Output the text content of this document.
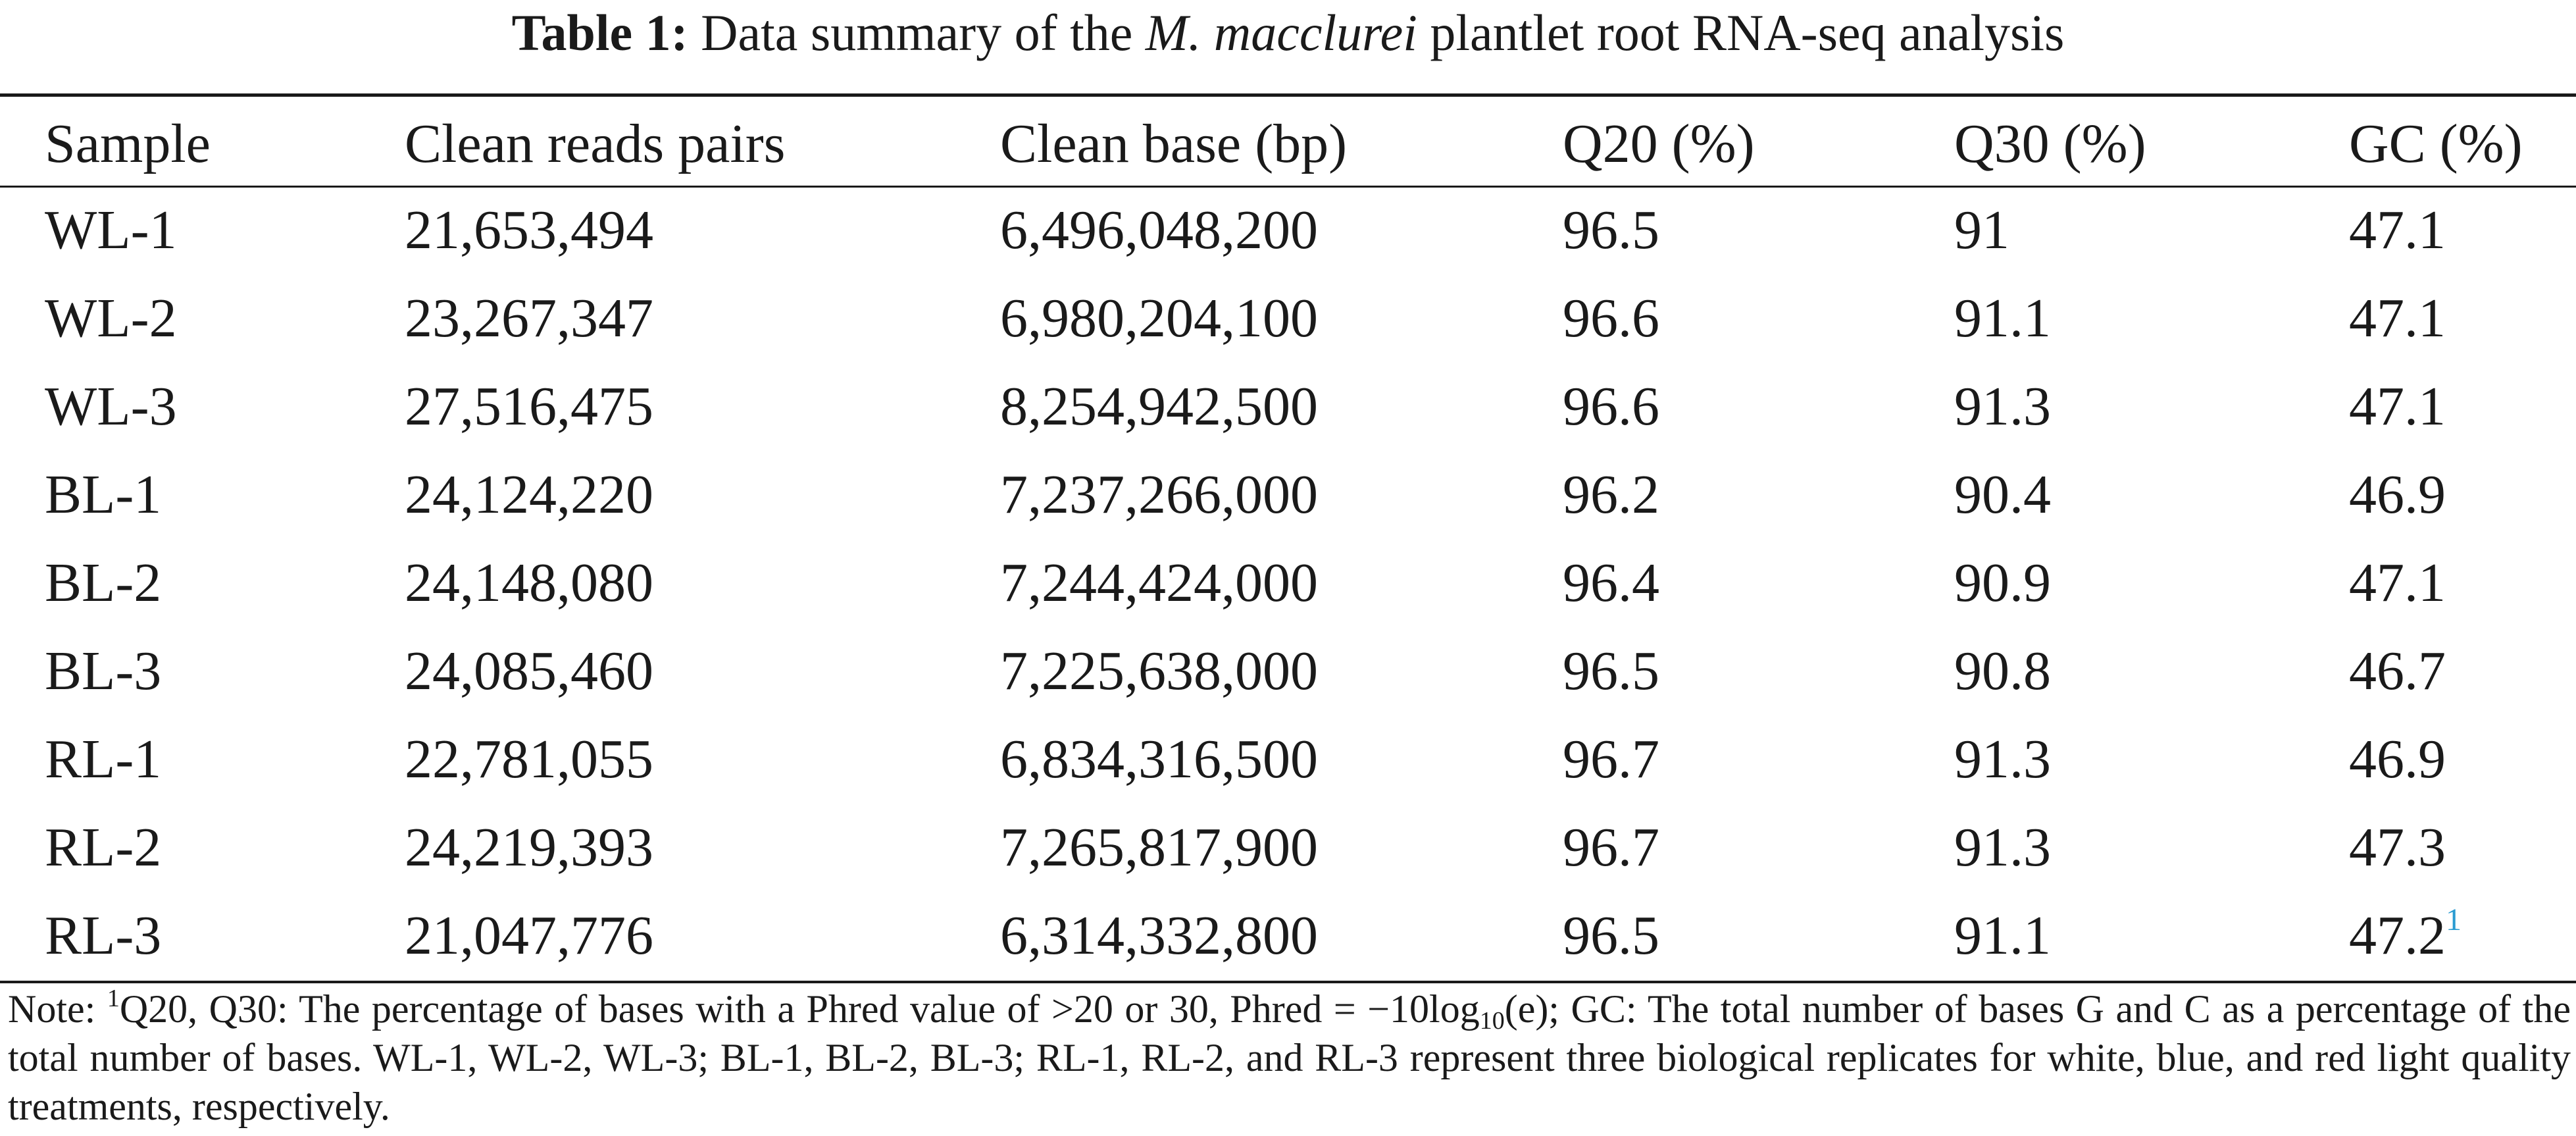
Table 1: Data summary of the M. macclurei plantlet root RNA-seq analysis
Sample	Clean reads pairs	Clean base (bp)	Q20 (%)	Q30 (%)	GC (%)
WL-1	21,653,494	6,496,048,200	96.5	91	47.1
WL-2	23,267,347	6,980,204,100	96.6	91.1	47.1
WL-3	27,516,475	8,254,942,500	96.6	91.3	47.1
BL-1	24,124,220	7,237,266,000	96.2	90.4	46.9
BL-2	24,148,080	7,244,424,000	96.4	90.9	47.1
BL-3	24,085,460	7,225,638,000	96.5	90.8	46.7
RL-1	22,781,055	6,834,316,500	96.7	91.3	46.9
RL-2	24,219,393	7,265,817,900	96.7	91.3	47.3
RL-3	21,047,776	6,314,332,800	96.5	91.1	47.2$^1$
Note: $^1$Q20, Q30: The percentage of bases with a Phred value of >20 or 30, Phred = $-10\log_{10}(e)$; GC: The total number of bases G and C as a percentage of the total number of bases. WL-1, WL-2, WL-3; BL-1, BL-2, BL-3; RL-1, RL-2, and RL-3 represent three biological replicates for white, blue, and red light quality treatments, respectively.
